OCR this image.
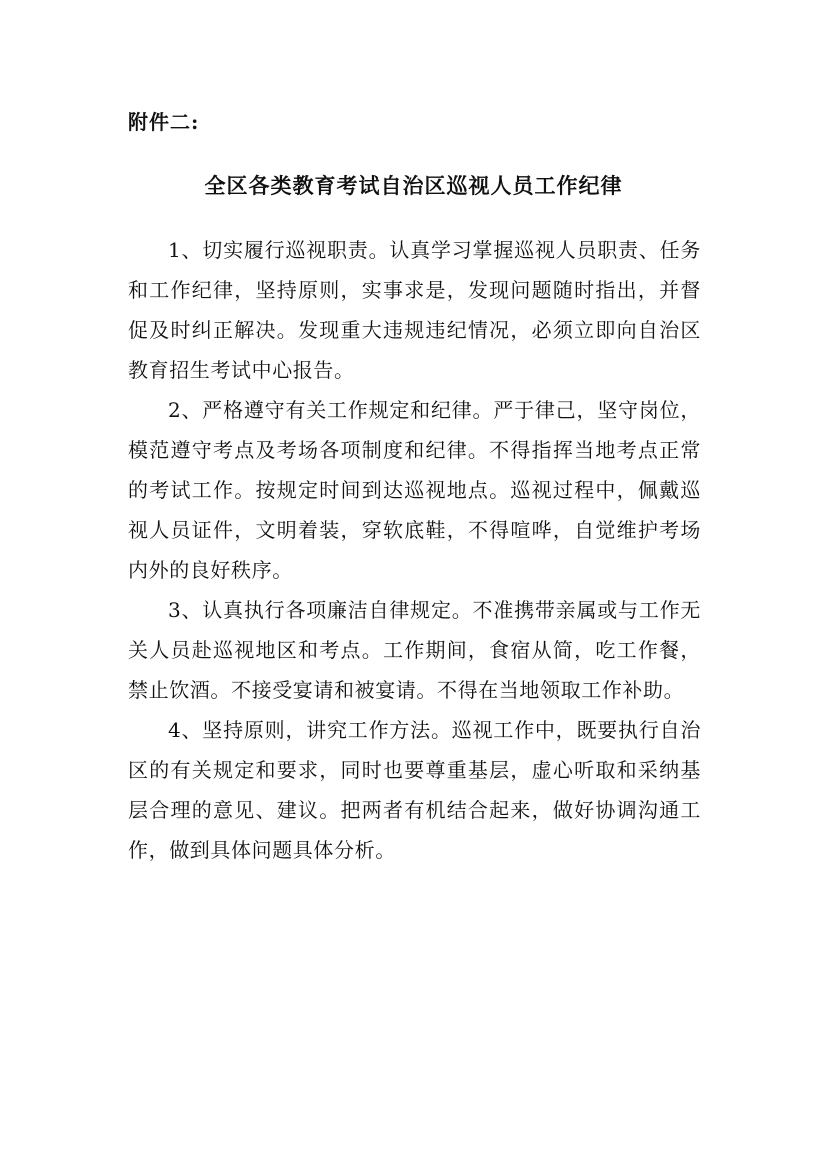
附件二:

全区各类教育考试自治区巡视人员工作纪律

1、切实履行巡视职责。认真学习掌握巡视人员职责、任务和工作纪律，坚持原则，实事求是，发现问题随时指出，并督促及时纠正解决。发现重大违规违纪情况，必须立即向自治区教育招生考试中心报告。

2、严格遵守有关工作规定和纪律。严于律己，坚守岗位，模范遵守考点及考场各项制度和纪律。不得指挥当地考点正常的考试工作。按规定时间到达巡视地点。巡视过程中，佩戴巡视人员证件，文明着装，穿软底鞋，不得喧哗，自觉维护考场内外的良好秩序。

3、认真执行各项廉洁自律规定。不准携带亲属或与工作无关人员赴巡视地区和考点。工作期间，食宿从简，吃工作餐，禁止饮酒。不接受宴请和被宴请。不得在当地领取工作补助。

4、坚持原则，讲究工作方法。巡视工作中，既要执行自治区的有关规定和要求，同时也要尊重基层，虚心听取和采纳基层合理的意见、建议。把两者有机结合起来，做好协调沟通工作，做到具体问题具体分析。
